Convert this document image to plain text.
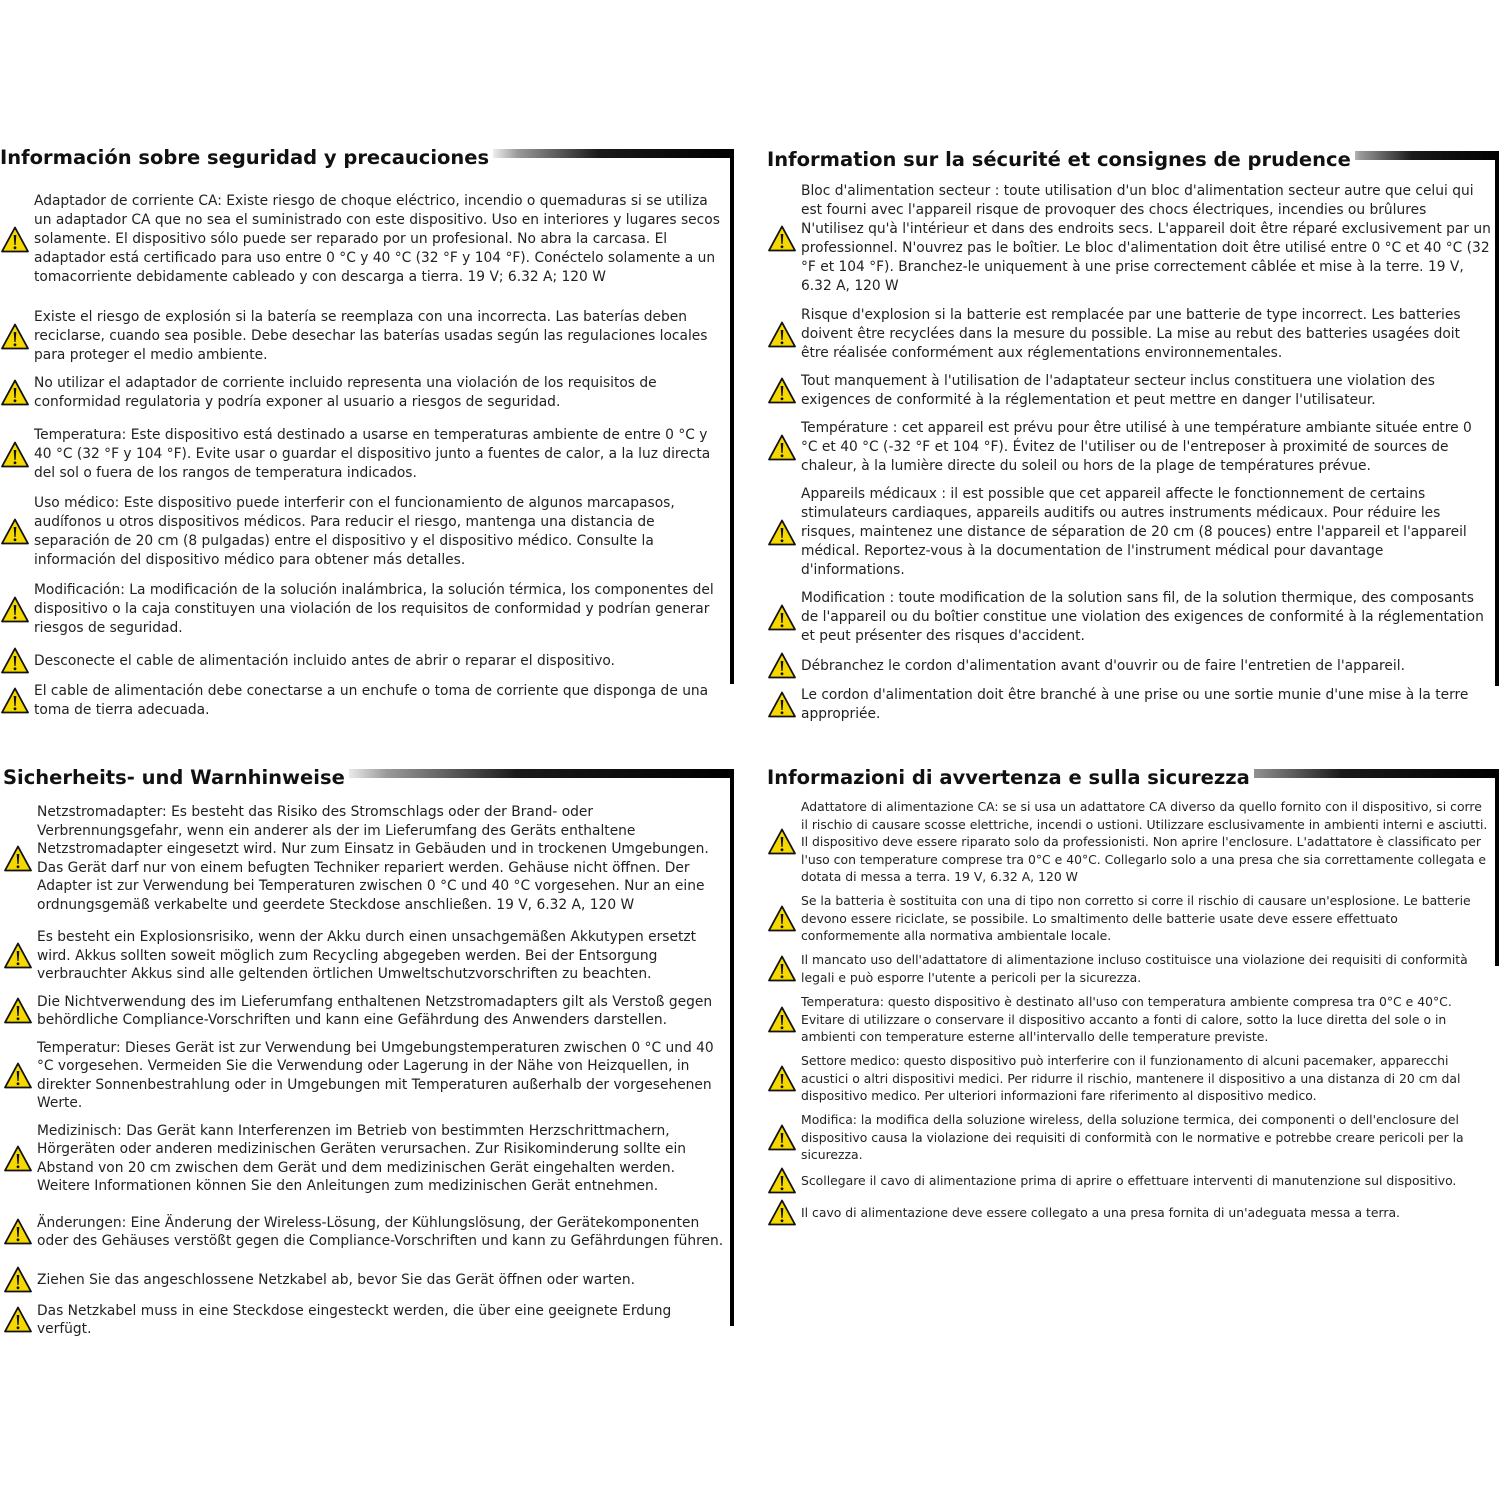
Información sobre seguridad y precauciones
Adaptador de corriente CA: Existe riesgo de choque eléctrico, incendio o quemaduras si se utiliza un adaptador CA que no sea el suministrado con este dispositivo. Uso en interiores y lugares secos solamente. El dispositivo sólo puede ser reparado por un profesional. No abra la carcasa. El adaptador está certificado para uso entre 0 °C y 40 °C (32 °F y 104 °F). Conéctelo solamente a un tomacorriente debidamente cableado y con descarga a tierra. 19 V; 6.32 A; 120 W
Existe el riesgo de explosión si la batería se reemplaza con una incorrecta. Las baterías deben reciclarse, cuando sea posible. Debe desechar las baterías usadas según las regulaciones locales para proteger el medio ambiente.
No utilizar el adaptador de corriente incluido representa una violación de los requisitos de conformidad regulatoria y podría exponer al usuario a riesgos de seguridad.
Temperatura: Este dispositivo está destinado a usarse en temperaturas ambiente de entre 0 °C y 40 °C (32 °F y 104 °F). Evite usar o guardar el dispositivo junto a fuentes de calor, a la luz directa del sol o fuera de los rangos de temperatura indicados.
Uso médico: Este dispositivo puede interferir con el funcionamiento de algunos marcapasos, audífonos u otros dispositivos médicos. Para reducir el riesgo, mantenga una distancia de separación de 20 cm (8 pulgadas) entre el dispositivo y el dispositivo médico. Consulte la información del dispositivo médico para obtener más detalles.
Modificación: La modificación de la solución inalámbrica, la solución térmica, los componentes del dispositivo o la caja constituyen una violación de los requisitos de conformidad y podrían generar riesgos de seguridad.
Desconecte el cable de alimentación incluido antes de abrir o reparar el dispositivo.
El cable de alimentación debe conectarse a un enchufe o toma de corriente que disponga de una toma de tierra adecuada.
Information sur la sécurité et consignes de prudence
Bloc d'alimentation secteur : toute utilisation d'un bloc d'alimentation secteur autre que celui qui est fourni avec l'appareil risque de provoquer des chocs électriques, incendies ou brûlures N'utilisez qu'à l'intérieur et dans des endroits secs. L'appareil doit être réparé exclusivement par un professionnel. N'ouvrez pas le boîtier. Le bloc d'alimentation doit être utilisé entre 0 °C et 40 °C (32 °F et 104 °F). Branchez-le uniquement à une prise correctement câblée et mise à la terre. 19 V, 6.32 A, 120 W
Risque d'explosion si la batterie est remplacée par une batterie de type incorrect. Les batteries doivent être recyclées dans la mesure du possible. La mise au rebut des batteries usagées doit être réalisée conformément aux réglementations environnementales.
Tout manquement à l'utilisation de l'adaptateur secteur inclus constituera une violation des exigences de conformité à la réglementation et peut mettre en danger l'utilisateur.
Température : cet appareil est prévu pour être utilisé à une température ambiante située entre 0 °C et 40 °C (-32 °F et 104 °F). Évitez de l'utiliser ou de l'entreposer à proximité de sources de chaleur, à la lumière directe du soleil ou hors de la plage de températures prévue.
Appareils médicaux : il est possible que cet appareil affecte le fonctionnement de certains stimulateurs cardiaques, appareils auditifs ou autres instruments médicaux. Pour réduire les risques, maintenez une distance de séparation de 20 cm (8 pouces) entre l'appareil et l'appareil médical. Reportez-vous à la documentation de l'instrument médical pour davantage d'informations.
Modification : toute modification de la solution sans fil, de la solution thermique, des composants de l'appareil ou du boîtier constitue une violation des exigences de conformité à la réglementation et peut présenter des risques d'accident.
Débranchez le cordon d'alimentation avant d'ouvrir ou de faire l'entretien de l'appareil.
Le cordon d'alimentation doit être branché à une prise ou une sortie munie d'une mise à la terre appropriée.
Sicherheits- und Warnhinweise
Netzstromadapter: Es besteht das Risiko des Stromschlags oder der Brand- oder Verbrennungsgefahr, wenn ein anderer als der im Lieferumfang des Geräts enthaltene Netzstromadapter eingesetzt wird. Nur zum Einsatz in Gebäuden und in trockenen Umgebungen. Das Gerät darf nur von einem befugten Techniker repariert werden. Gehäuse nicht öffnen. Der Adapter ist zur Verwendung bei Temperaturen zwischen 0 °C und 40 °C vorgesehen. Nur an eine ordnungsgemäß verkabelte und geerdete Steckdose anschließen. 19 V, 6.32 A, 120 W
Es besteht ein Explosionsrisiko, wenn der Akku durch einen unsachgemäßen Akkutypen ersetzt wird. Akkus sollten soweit möglich zum Recycling abgegeben werden. Bei der Entsorgung verbrauchter Akkus sind alle geltenden örtlichen Umweltschutzvorschriften zu beachten.
Die Nichtverwendung des im Lieferumfang enthaltenen Netzstromadapters gilt als Verstoß gegen behördliche Compliance-Vorschriften und kann eine Gefährdung des Anwenders darstellen.
Temperatur: Dieses Gerät ist zur Verwendung bei Umgebungstemperaturen zwischen 0 °C und 40 °C vorgesehen. Vermeiden Sie die Verwendung oder Lagerung in der Nähe von Heizquellen, in direkter Sonnenbestrahlung oder in Umgebungen mit Temperaturen außerhalb der vorgesehenen Werte.
Medizinisch: Das Gerät kann Interferenzen im Betrieb von bestimmten Herzschrittmachern, Hörgeräten oder anderen medizinischen Geräten verursachen. Zur Risikominderung sollte ein Abstand von 20 cm zwischen dem Gerät und dem medizinischen Gerät eingehalten werden. Weitere Informationen können Sie den Anleitungen zum medizinischen Gerät entnehmen.
Änderungen: Eine Änderung der Wireless-Lösung, der Kühlungslösung, der Gerätekomponenten oder des Gehäuses verstößt gegen die Compliance-Vorschriften und kann zu Gefährdungen führen.
Ziehen Sie das angeschlossene Netzkabel ab, bevor Sie das Gerät öffnen oder warten.
Das Netzkabel muss in eine Steckdose eingesteckt werden, die über eine geeignete Erdung verfügt.
Informazioni di avvertenza e sulla sicurezza
Adattatore di alimentazione CA: se si usa un adattatore CA diverso da quello fornito con il dispositivo, si corre il rischio di causare scosse elettriche, incendi o ustioni. Utilizzare esclusivamente in ambienti interni e asciutti. Il dispositivo deve essere riparato solo da professionisti. Non aprire l'enclosure. L'adattatore è classificato per l'uso con temperature comprese tra 0°C e 40°C. Collegarlo solo a una presa che sia correttamente collegata e dotata di messa a terra. 19 V, 6.32 A, 120 W
Se la batteria è sostituita con una di tipo non corretto si corre il rischio di causare un'esplosione. Le batterie devono essere riciclate, se possibile. Lo smaltimento delle batterie usate deve essere effettuato conformemente alla normativa ambientale locale.
Il mancato uso dell'adattatore di alimentazione incluso costituisce una violazione dei requisiti di conformità legali e può esporre l'utente a pericoli per la sicurezza.
Temperatura: questo dispositivo è destinato all'uso con temperatura ambiente compresa tra 0°C e 40°C. Evitare di utilizzare o conservare il dispositivo accanto a fonti di calore, sotto la luce diretta del sole o in ambienti con temperature esterne all'intervallo delle temperature previste.
Settore medico: questo dispositivo può interferire con il funzionamento di alcuni pacemaker, apparecchi acustici o altri dispositivi medici. Per ridurre il rischio, mantenere il dispositivo a una distanza di 20 cm dal dispositivo medico. Per ulteriori informazioni fare riferimento al dispositivo medico.
Modifica: la modifica della soluzione wireless, della soluzione termica, dei componenti o dell'enclosure del dispositivo causa la violazione dei requisiti di conformità con le normative e potrebbe creare pericoli per la sicurezza.
Scollegare il cavo di alimentazione prima di aprire o effettuare interventi di manutenzione sul dispositivo.
Il cavo di alimentazione deve essere collegato a una presa fornita di un'adeguata messa a terra.
